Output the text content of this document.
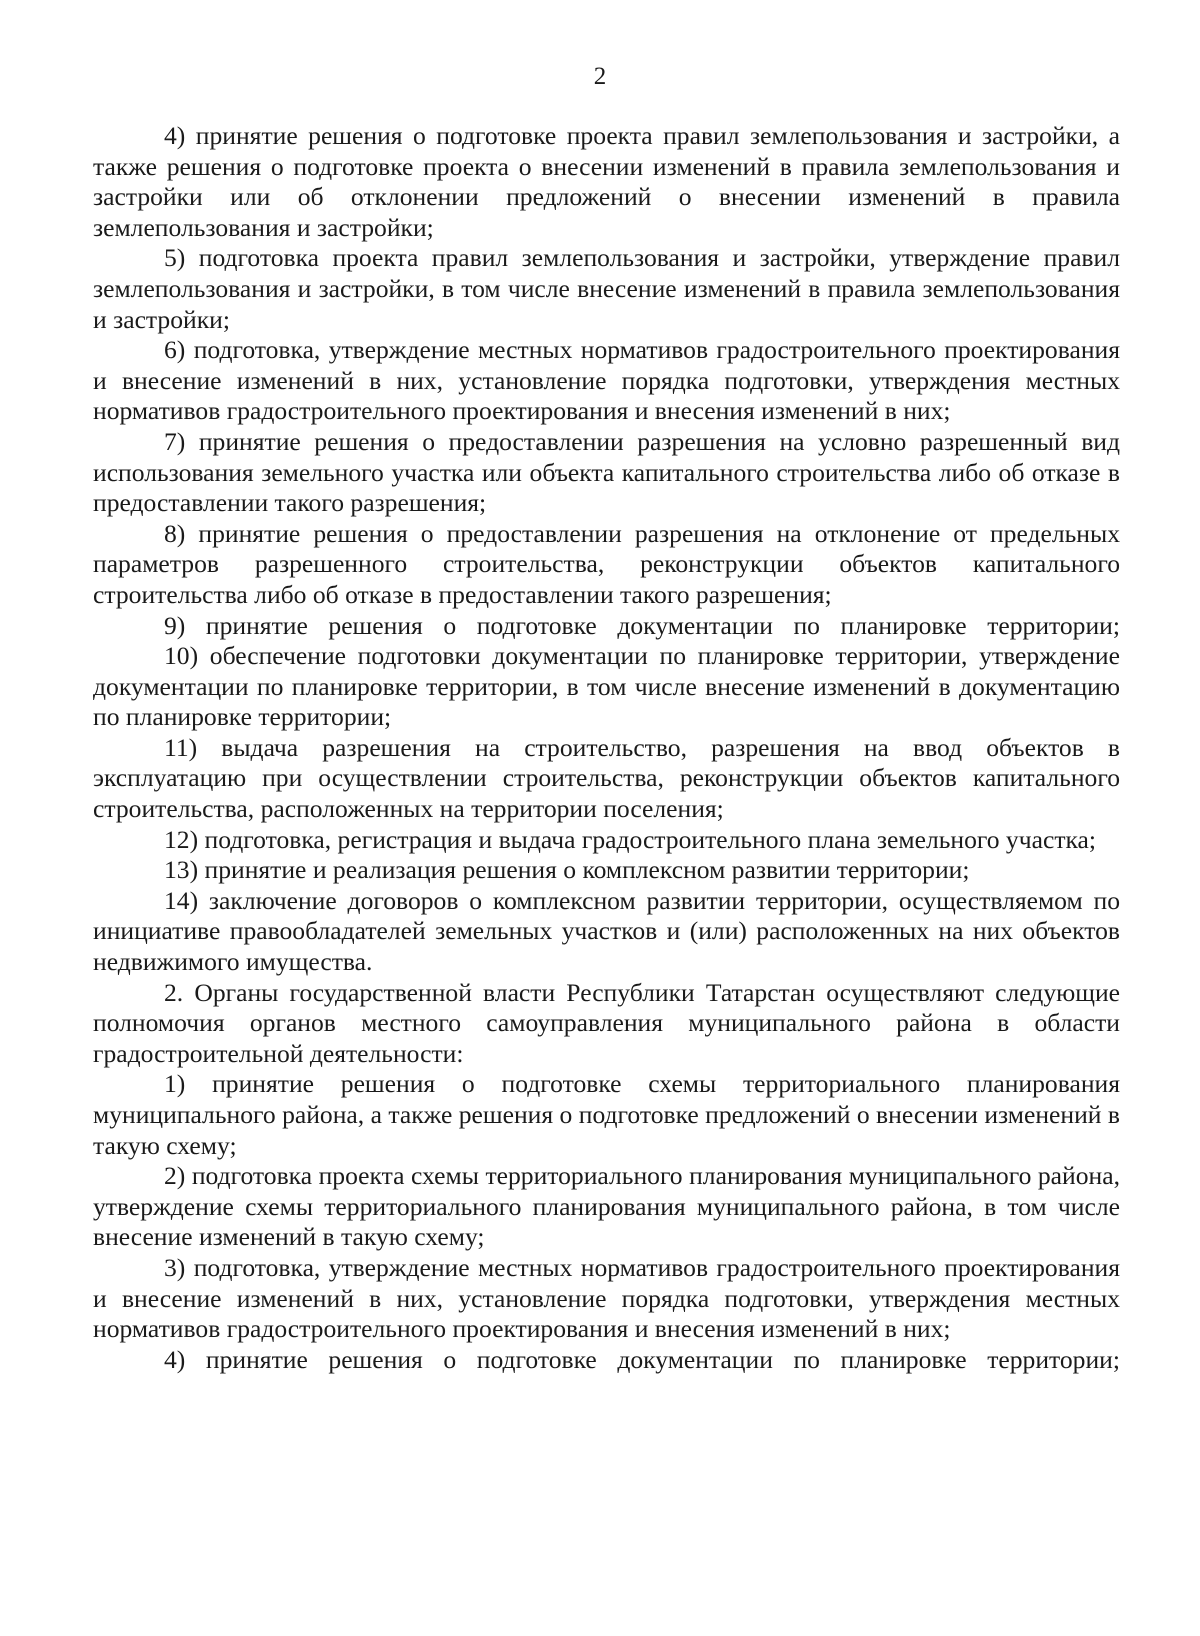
2

4) принятие решения о подготовке проекта правил землепользования и застройки, а также решения о подготовке проекта о внесении изменений в правила землепользования и застройки или об отклонении предложений о внесении изменений в правила землепользования и застройки;

5) подготовка проекта правил землепользования и застройки, утверждение правил землепользования и застройки, в том числе внесение изменений в правила землепользования и застройки;

6) подготовка, утверждение местных нормативов градостроительного проектирования и внесение изменений в них, установление порядка подготовки, утверждения местных нормативов градостроительного проектирования и внесения изменений в них;

7) принятие решения о предоставлении разрешения на условно разрешенный вид использования земельного участка или объекта капитального строительства либо об отказе в предоставлении такого разрешения;

8) принятие решения о предоставлении разрешения на отклонение от предельных параметров разрешенного строительства, реконструкции объектов капитального строительства либо об отказе в предоставлении такого разрешения;

9) принятие решения о подготовке документации по планировке территории;

10) обеспечение подготовки документации по планировке территории, утверждение документации по планировке территории, в том числе внесение изменений в документацию по планировке территории;

11) выдача разрешения на строительство, разрешения на ввод объектов в эксплуатацию при осуществлении строительства, реконструкции объектов капитального строительства, расположенных на территории поселения;

12) подготовка, регистрация и выдача градостроительного плана земельного участка;

13) принятие и реализация решения о комплексном развитии территории;

14) заключение договоров о комплексном развитии территории, осуществляемом по инициативе правообладателей земельных участков и (или) расположенных на них объектов недвижимого имущества.

2. Органы государственной власти Республики Татарстан осуществляют следующие полномочия органов местного самоуправления муниципального района в области градостроительной деятельности:

1) принятие решения о подготовке схемы территориального планирования муниципального района, а также решения о подготовке предложений о внесении изменений в такую схему;

2) подготовка проекта схемы территориального планирования муниципального района, утверждение схемы территориального планирования муниципального района, в том числе внесение изменений в такую схему;

3) подготовка, утверждение местных нормативов градостроительного проектирования и внесение изменений в них, установление порядка подготовки, утверждения местных нормативов градостроительного проектирования и внесения изменений в них;

4) принятие решения о подготовке документации по планировке территории;
